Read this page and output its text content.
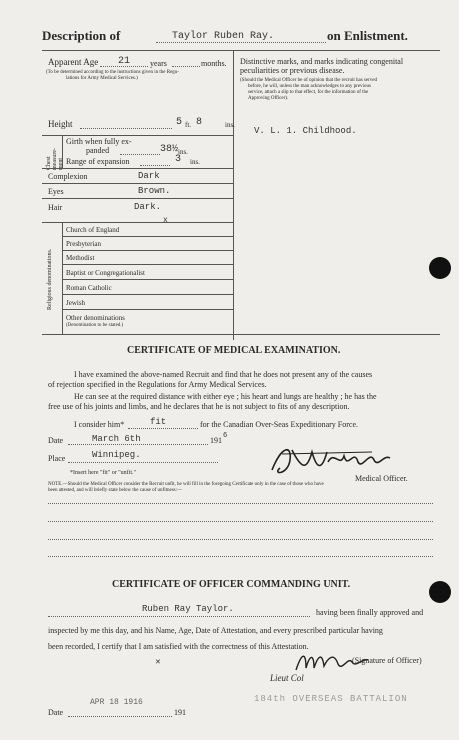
Description of	Taylor Ruben Ray.	on Enlistment.
Apparent Age 21 years	months.
(To be determined according to the instructions given in the Regu-
lations for Army Medical Services.)
Distinctive marks, and marks indicating congenital
peculiarities or previous disease.
(Should the Medical Officer be of opinion that the recruit has served
before, he will, unless the man acknowledges to any previous
service, attach a slip to that effect, for the information of the
Approving Officer).
V. L. 1. Childhood.
Height	5 ft. 8	ins.
Chest measure-ment
Girth when fully ex-
panded	38½ ins.
Range of expansion	3 ins.
Complexion	Dark
Eyes	Brown.
Hair	Dark.
x
Religious denominations.
Church of England
Presbyterian
Methodist
Baptist or Congregationalist
Roman Catholic
Jewish
Other denominations
(Denomination to be stated.)
CERTIFICATE OF MEDICAL EXAMINATION.
I have examined the above-named Recruit and find that he does not present any of the causes
of rejection specified in the Regulations for Army Medical Services.
He can see at the required distance with either eye ; his heart and lungs are healthy ; he has the
free use of his joints and limbs, and he declares that he is not subject to fits of any description.
I consider him*	fit	for the Canadian Over-Seas Expeditionary Force.
Date	March 6th	191 6
Place	Winnipeg.
Medical Officer.
*Insert here "fit" or "unfit."
NOTE.—Should the Medical Officer consider the Recruit unfit, he will fill in the foregoing Certificate only in the case of those who have
been attested, and will briefly state below the cause of unfitness:—
CERTIFICATE OF OFFICER COMMANDING UNIT.
Ruben Ray Taylor.	having been finally approved and
inspected by me this day, and his Name, Age, Date of Attestation, and every prescribed particular having
been recorded, I certify that I am satisfied with the correctness of this Attestation.
(Signature of Officer)
Lieut Col
✕
Date
APR 18 1916
191
184th OVERSEAS BATTALION
